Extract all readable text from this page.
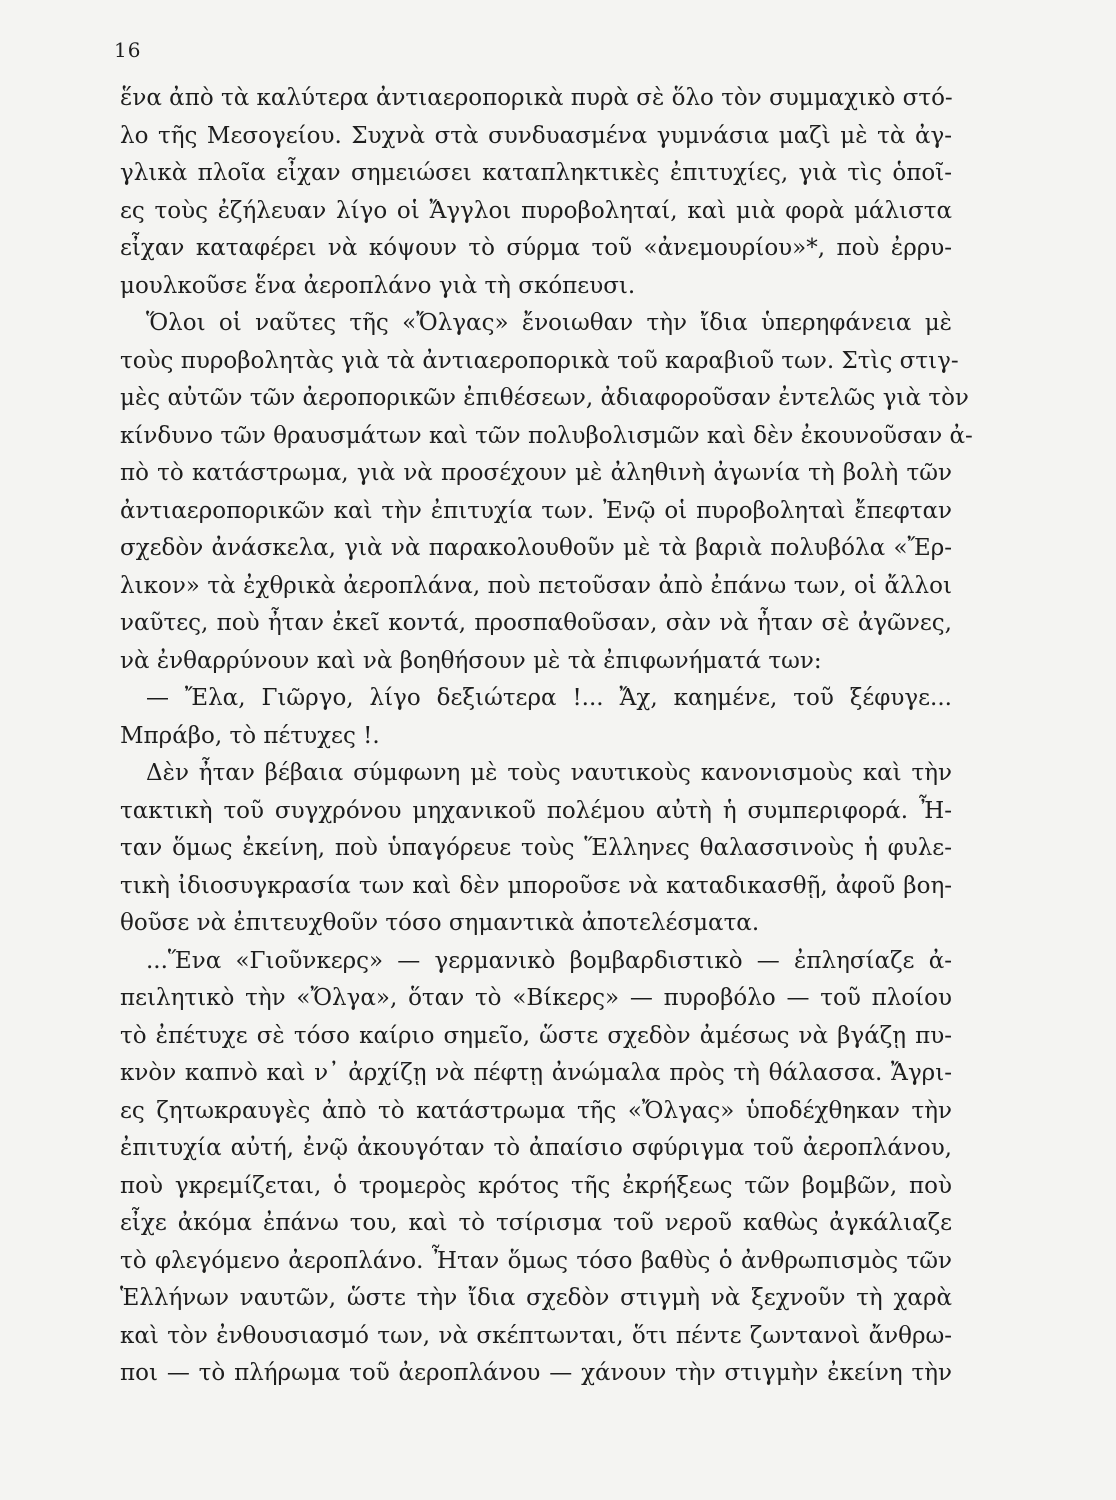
16
ἕνα ἀπὸ τὰ καλύτερα ἀντιαεροπορικὰ πυρὰ σὲ ὅλο τὸν συμμαχικὸ στό-
λο τῆς Μεσογείου. Συχνὰ στὰ συνδυασμένα γυμνάσια μαζὶ μὲ τὰ ἀγ-
γλικὰ πλοῖα εἶχαν σημειώσει καταπληκτικὲς ἐπιτυχίες, γιὰ τὶς ὁποῖ-
ες τοὺς ἐζήλευαν λίγο οἱ Ἄγγλοι πυροβοληταί, καὶ μιὰ φορὰ μάλιστα
εἶχαν καταφέρει νὰ κόψουν τὸ σύρμα τοῦ «ἀνεμουρίου»*, ποὺ ἐρρυ-
μουλκοῦσε ἕνα ἀεροπλάνο γιὰ τὴ σκόπευσι.
Ὅλοι οἱ ναῦτες τῆς «Ὄλγας» ἔνοιωθαν τὴν ἴδια ὑπερηφάνεια μὲ
τοὺς πυροβολητὰς γιὰ τὰ ἀντιαεροπορικὰ τοῦ καραβιοῦ των. Στὶς στιγ-
μὲς αὐτῶν τῶν ἀεροπορικῶν ἐπιθέσεων, ἀδιαφοροῦσαν ἐντελῶς γιὰ τὸν
κίνδυνο τῶν θραυσμάτων καὶ τῶν πολυβολισμῶν καὶ δὲν ἐκουνοῦσαν ἀ-
πὸ τὸ κατάστρωμα, γιὰ νὰ προσέχουν μὲ ἀληθινὴ ἀγωνία τὴ βολὴ τῶν
ἀντιαεροπορικῶν καὶ τὴν ἐπιτυχία των. Ἐνῷ οἱ πυροβοληταὶ ἔπεφταν
σχεδὸν ἀνάσκελα, γιὰ νὰ παρακολουθοῦν μὲ τὰ βαριὰ πολυβόλα «Ἔρ-
λικον» τὰ ἐχθρικὰ ἀεροπλάνα, ποὺ πετοῦσαν ἀπὸ ἐπάνω των, οἱ ἄλλοι
ναῦτες, ποὺ ἦταν ἐκεῖ κοντά, προσπαθοῦσαν, σὰν νὰ ἦταν σὲ ἀγῶνες,
νὰ ἐνθαρρύνουν καὶ νὰ βοηθήσουν μὲ τὰ ἐπιφωνήματά των:
— Ἔλα, Γιῶργο, λίγο δεξιώτερα !... Ἄχ, καημένε, τοῦ ξέφυγε...
Μπράβο, τὸ πέτυχες !.
Δὲν ἦταν βέβαια σύμφωνη μὲ τοὺς ναυτικοὺς κανονισμοὺς καὶ τὴν
τακτικὴ τοῦ συγχρόνου μηχανικοῦ πολέμου αὐτὴ ἡ συμπεριφορά. Ἦ-
ταν ὅμως ἐκείνη, ποὺ ὑπαγόρευε τοὺς Ἕλληνες θαλασσινοὺς ἡ φυλε-
τικὴ ἰδιοσυγκρασία των καὶ δὲν μποροῦσε νὰ καταδικασθῇ, ἀφοῦ βοη-
θοῦσε νὰ ἐπιτευχθοῦν τόσο σημαντικὰ ἀποτελέσματα.
...Ἕνα «Γιοῦνκερς» — γερμανικὸ βομβαρδιστικὸ — ἐπλησίαζε ἀ-
πειλητικὸ τὴν «Ὄλγα», ὅταν τὸ «Βίκερς» — πυροβόλο — τοῦ πλοίου
τὸ ἐπέτυχε σὲ τόσο καίριο σημεῖο, ὥστε σχεδὸν ἀμέσως νὰ βγάζῃ πυ-
κνὸν καπνὸ καὶ ν᾿ ἀρχίζῃ νὰ πέφτῃ ἀνώμαλα πρὸς τὴ θάλασσα. Ἄγρι-
ες ζητωκραυγὲς ἀπὸ τὸ κατάστρωμα τῆς «Ὄλγας» ὑποδέχθηκαν τὴν
ἐπιτυχία αὐτή, ἐνῷ ἀκουγόταν τὸ ἀπαίσιο σφύριγμα τοῦ ἀεροπλάνου,
ποὺ γκρεμίζεται, ὁ τρομερὸς κρότος τῆς ἐκρήξεως τῶν βομβῶν, ποὺ
εἶχε ἀκόμα ἐπάνω του, καὶ τὸ τσίρισμα τοῦ νεροῦ καθὼς ἀγκάλιαζε
τὸ φλεγόμενο ἀεροπλάνο. Ἦταν ὅμως τόσο βαθὺς ὁ ἀνθρωπισμὸς τῶν
Ἑλλήνων ναυτῶν, ὥστε τὴν ἴδια σχεδὸν στιγμὴ νὰ ξεχνοῦν τὴ χαρὰ
καὶ τὸν ἐνθουσιασμό των, νὰ σκέπτωνται, ὅτι πέντε ζωντανοὶ ἄνθρω-
ποι — τὸ πλήρωμα τοῦ ἀεροπλάνου — χάνουν τὴν στιγμὴν ἐκείνη τὴν
